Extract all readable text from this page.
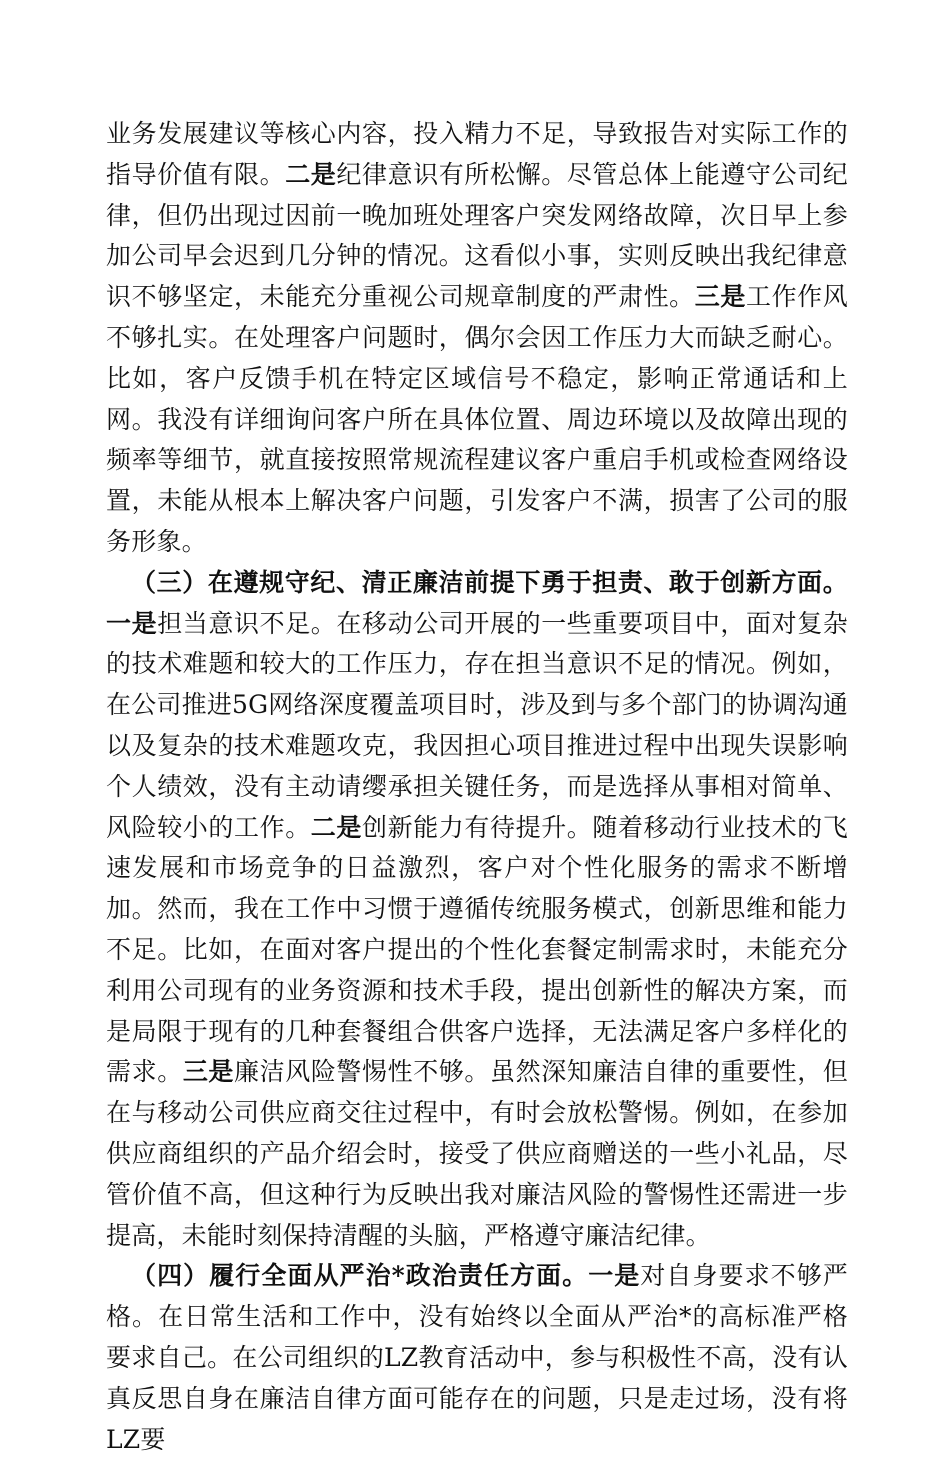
业务发展建议等核心内容，投入精力不足，导致报告对实际工作的指导价值有限。二是纪律意识有所松懈。尽管总体上能遵守公司纪律，但仍出现过因前一晚加班处理客户突发网络故障，次日早上参加公司早会迟到几分钟的情况。这看似小事，实则反映出我纪律意识不够坚定，未能充分重视公司规章制度的严肃性。三是工作作风不够扎实。在处理客户问题时，偶尔会因工作压力大而缺乏耐心。比如，客户反馈手机在特定区域信号不稳定，影响正常通话和上网。我没有详细询问客户所在具体位置、周边环境以及故障出现的频率等细节，就直接按照常规流程建议客户重启手机或检查网络设置，未能从根本上解决客户问题，引发客户不满，损害了公司的服务形象。

（三）在遵规守纪、清正廉洁前提下勇于担责、敢于创新方面。一是担当意识不足。在移动公司开展的一些重要项目中，面对复杂的技术难题和较大的工作压力，存在担当意识不足的情况。例如，在公司推进5G网络深度覆盖项目时，涉及到与多个部门的协调沟通以及复杂的技术难题攻克，我因担心项目推进过程中出现失误影响个人绩效，没有主动请缨承担关键任务，而是选择从事相对简单、风险较小的工作。二是创新能力有待提升。随着移动行业技术的飞速发展和市场竞争的日益激烈，客户对个性化服务的需求不断增加。然而，我在工作中习惯于遵循传统服务模式，创新思维和能力不足。比如，在面对客户提出的个性化套餐定制需求时，未能充分利用公司现有的业务资源和技术手段，提出创新性的解决方案，而是局限于现有的几种套餐组合供客户选择，无法满足客户多样化的需求。三是廉洁风险警惕性不够。虽然深知廉洁自律的重要性，但在与移动公司供应商交往过程中，有时会放松警惕。例如，在参加供应商组织的产品介绍会时，接受了供应商赠送的一些小礼品，尽管价值不高，但这种行为反映出我对廉洁风险的警惕性还需进一步提高，未能时刻保持清醒的头脑，严格遵守廉洁纪律。

（四）履行全面从严治*政治责任方面。一是对自身要求不够严格。在日常生活和工作中，没有始终以全面从严治*的高标准严格要求自己。在公司组织的LZ教育活动中，参与积极性不高，没有认真反思自身在廉洁自律方面可能存在的问题，只是走过场，没有将LZ要
